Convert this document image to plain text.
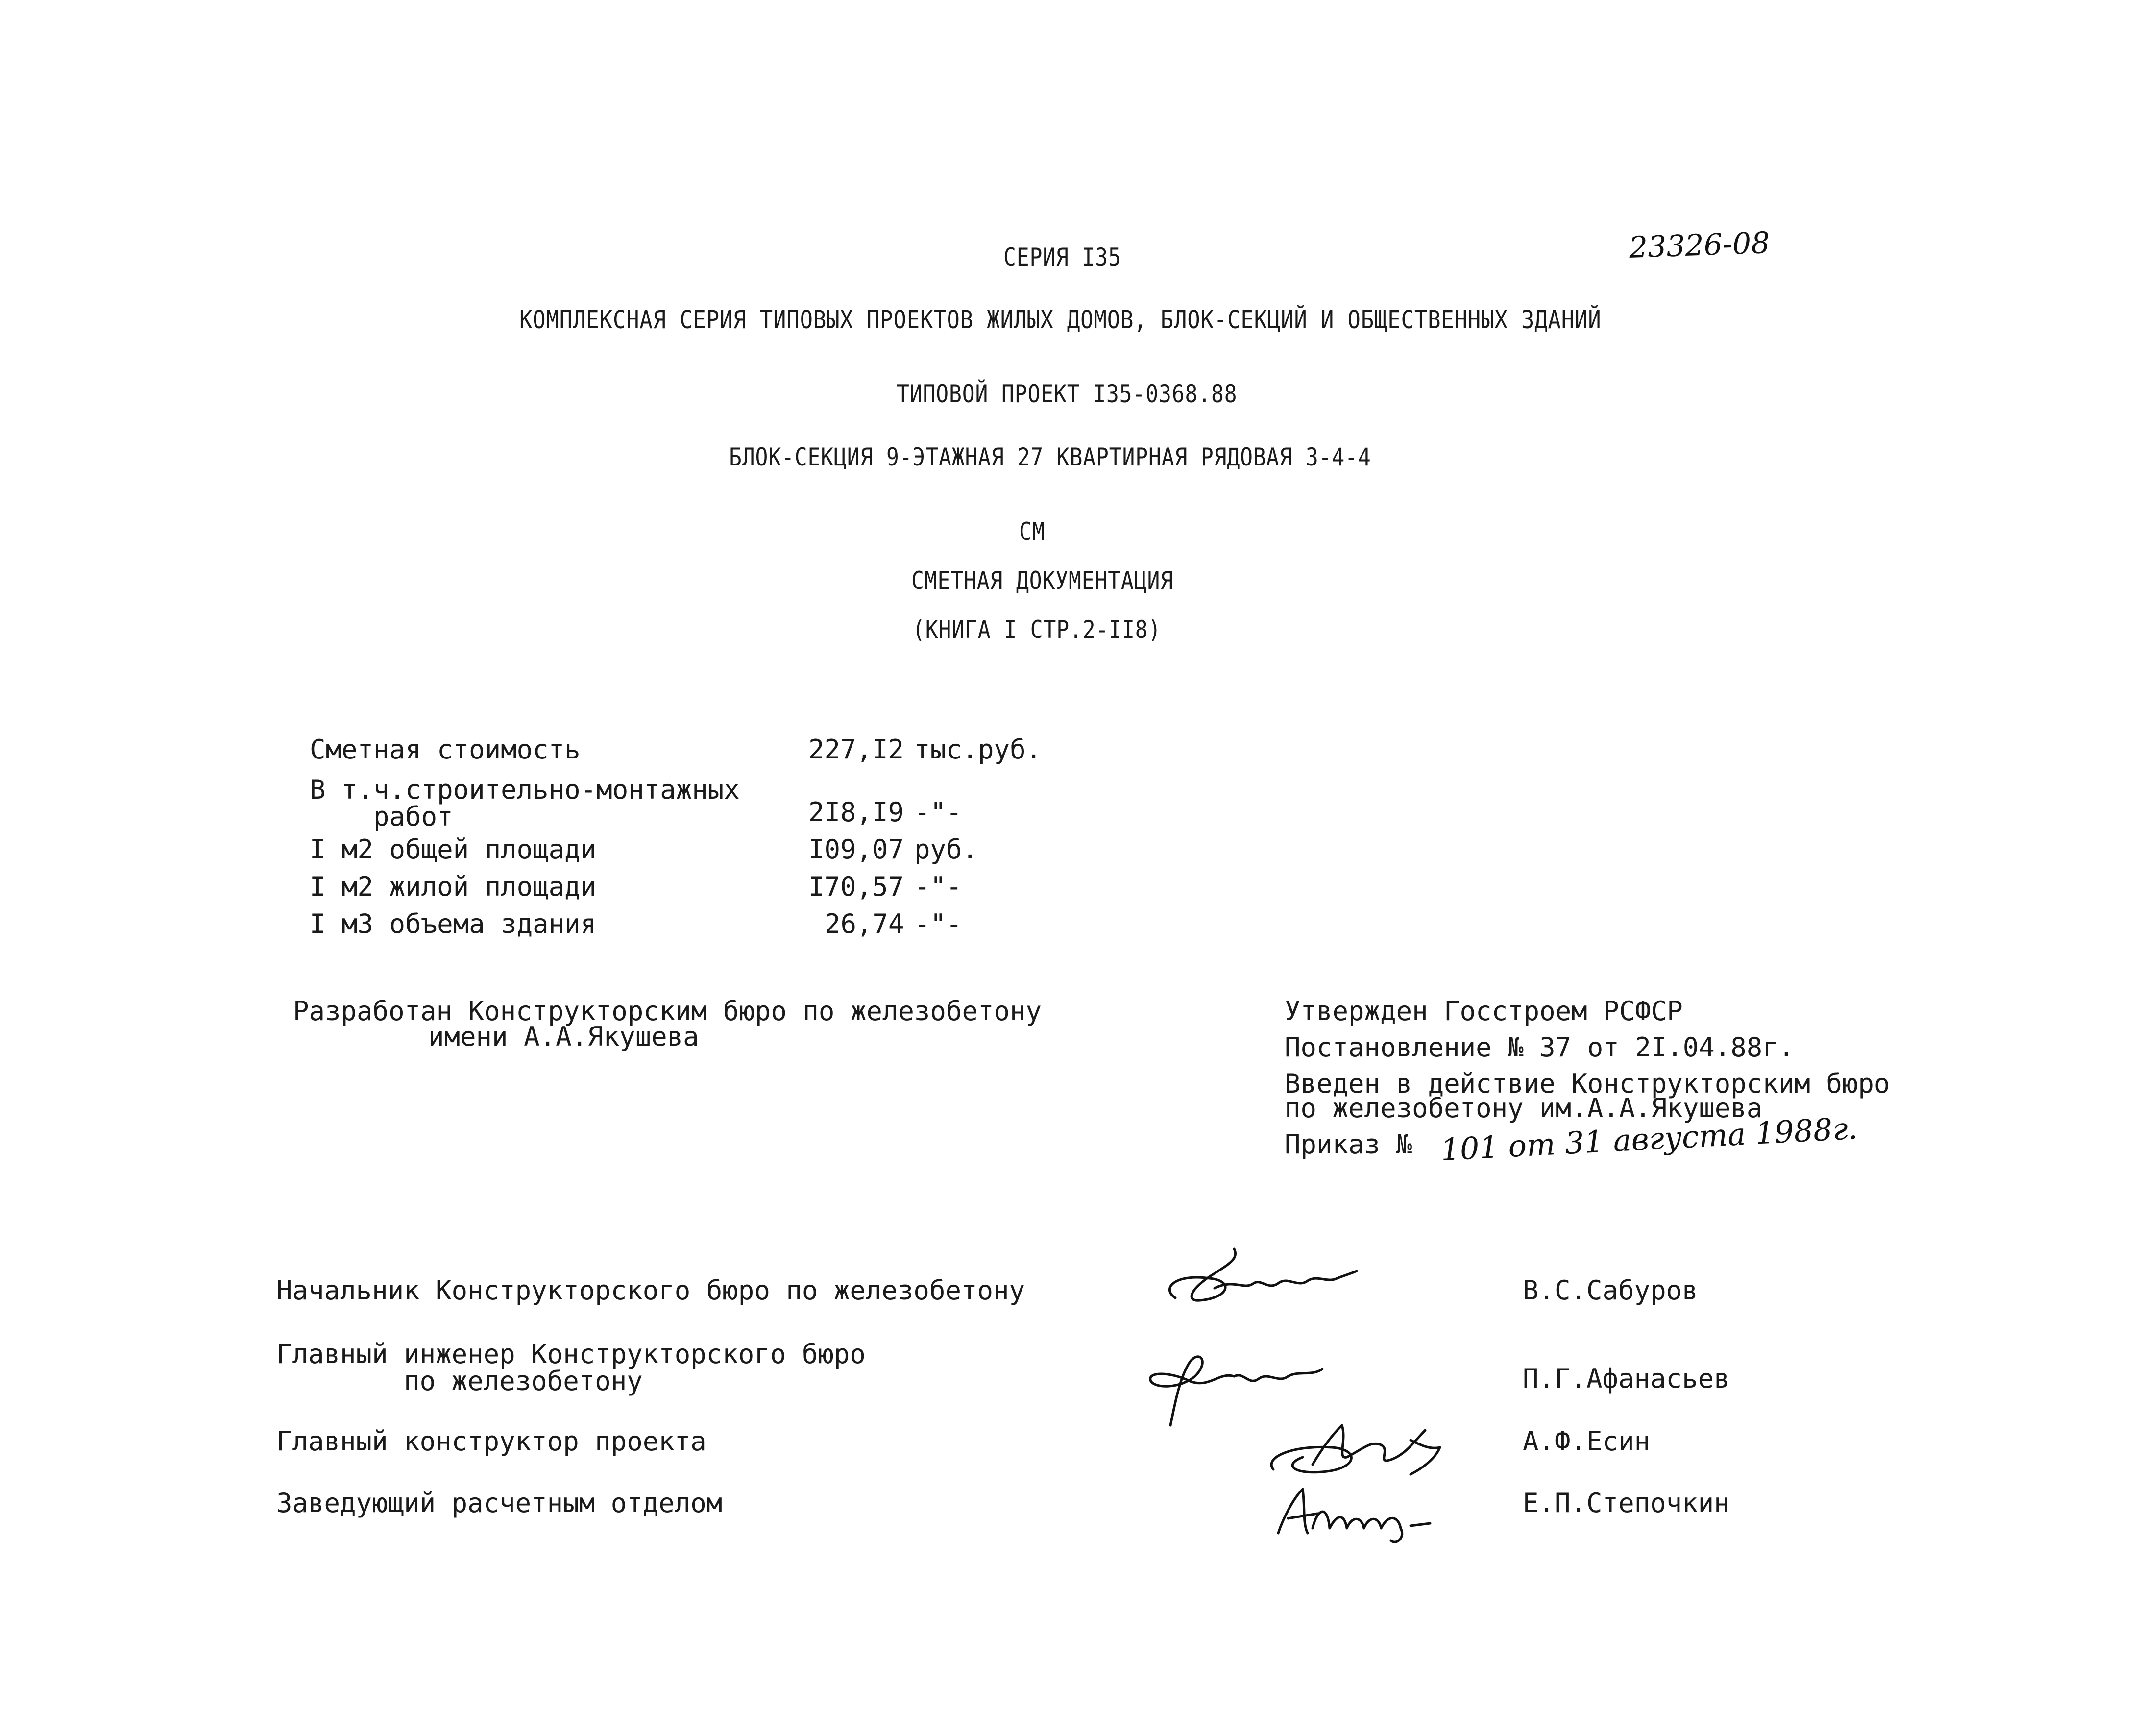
СЕРИЯ I35	23326-08
КОМПЛЕКСНАЯ СЕРИЯ ТИПОВЫХ ПРОЕКТОВ ЖИЛЫХ ДОМОВ, БЛОК-СЕКЦИЙ И ОБЩЕСТВЕННЫХ ЗДАНИЙ
ТИПОВОЙ ПРОЕКТ I35-0368.88
БЛОК-СЕКЦИЯ 9-ЭТАЖНАЯ 27 КВАРТИРНАЯ РЯДОВАЯ 3-4-4
СМ
СМЕТНАЯ ДОКУМЕНТАЦИЯ
(КНИГА I СТР.2-II8)
Сметная стоимость	227,I2 тыс.руб.
В т.ч.строительно-монтажных
работ	2I8,I9 -"-
I м2 общей площади	I09,07 руб.
I м2 жилой площади	I70,57 -"-
I м3 объема здания	26,74 -"-
Разработан Конструкторским бюро по железобетону
имени А.А.Якушева
Утвержден Госстроем РСФСР
Постановление № 37 от 2I.04.88г.
Введен в действие Конструкторским бюро
по железобетону им.А.А.Якушева
Приказ № 101 от 31 августа 1988г.
Начальник Конструкторского бюро по железобетону	В.С.Сабуров
Главный инженер Конструкторского бюро
по железобетону	П.Г.Афанасьев
Главный конструктор проекта	А.Ф.Есин
Заведующий расчетным отделом	Е.П.Степочкин
